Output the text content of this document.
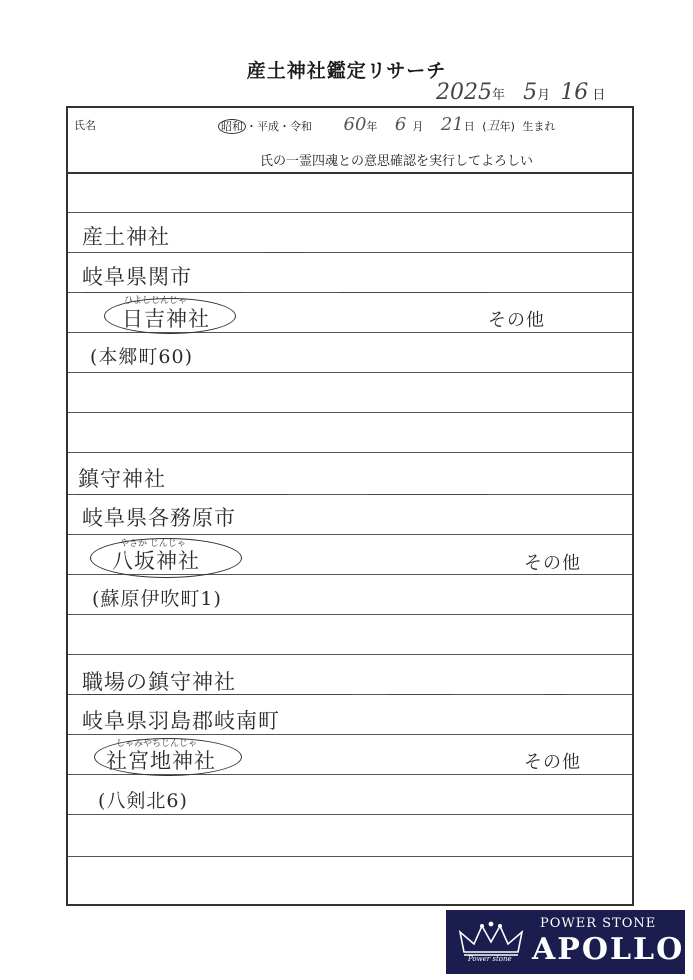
産土神社鑑定リサーチ
2025年 5月 16 日
氏名	昭和 ・平成・令和 60年 6 月 21日 (丑年) 生まれ
氏の一霊四魂との意思確認を実行してよろしい
産土神社
岐阜県関市
ひよしじんじゃ
日吉神社	その他
(本郷町60)
鎮守神社
岐阜県各務原市
やさか じんじゃ
八坂神社	その他
(蘇原伊吹町1)
職場の鎮守神社
岐阜県羽島郡岐南町
しゃみやちじんじゃ
社宮地神社	その他
(八剣北6)
Power stone
POWER STONE
APOLLO
